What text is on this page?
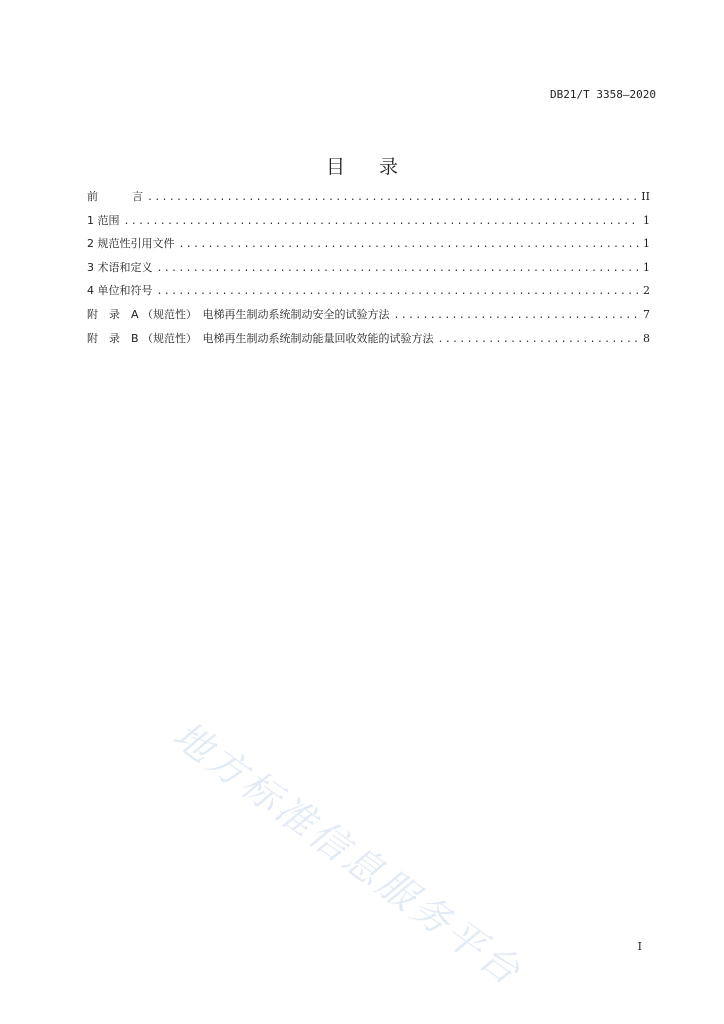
DB21/T 3358—2020
目 录
前	言 . . .	II
1 范围 . . .	1
2 规范性引用文件 . . .	1
3 术语和定义 . . .	1
4 单位和符号 . . .	2
附　录　A （规范性）　电梯再生制动系统制动安全的试验方法 . . .	7
附　录　B （规范性）　电梯再生制动系统制动能量回收效能的试验方法 . . .	8
地方标准信息服务平台	I
